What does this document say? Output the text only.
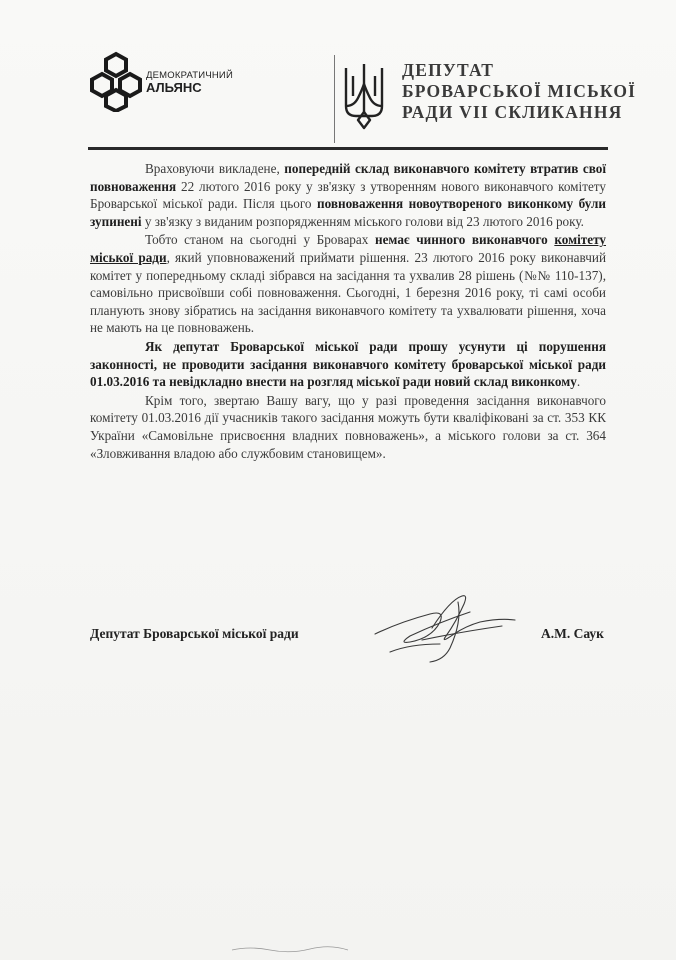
ДЕМОКРАТИЧНИЙ
АЛЬЯНС
ДЕПУТАТ
БРОВАРСЬКОЇ МІСЬКОЇ
РАДИ VII СКЛИКАННЯ

Враховуючи викладене, попередній склад виконавчого комітету втратив свої повноваження 22 лютого 2016 року у зв'язку з утворенням нового виконавчого комітету Броварської міської ради. Після цього повноваження новоутвореного виконкому були зупинені у зв'язку з виданим розпорядженням міського голови від 23 лютого 2016 року.

Тобто станом на сьогодні у Броварах немає чинного виконавчого комітету міської ради, який уповноважений приймати рішення. 23 лютого 2016 року виконавчий комітет у попередньому складі зібрався на засідання та ухвалив 28 рішень (№№ 110-137), самовільно присвоївши собі повноваження. Сьогодні, 1 березня 2016 року, ті самі особи планують знову зібратись на засідання виконавчого комітету та ухвалювати рішення, хоча не мають на це повноважень.

Як депутат Броварської міської ради прошу усунути ці порушення законності, не проводити засідання виконавчого комітету броварської міської ради 01.03.2016 та невідкладно внести на розгляд міської ради новий склад виконкому.

Крім того, звертаю Вашу вагу, що у разі проведення засідання виконавчого комітету 01.03.2016 дії учасників такого засідання можуть бути кваліфіковані за ст. 353 КК України «Самовільне присвоєння владних повноважень», а міського голови за ст. 364 «Зловживання владою або службовим становищем».

Депутат Броварської міської ради	А.М. Саук
